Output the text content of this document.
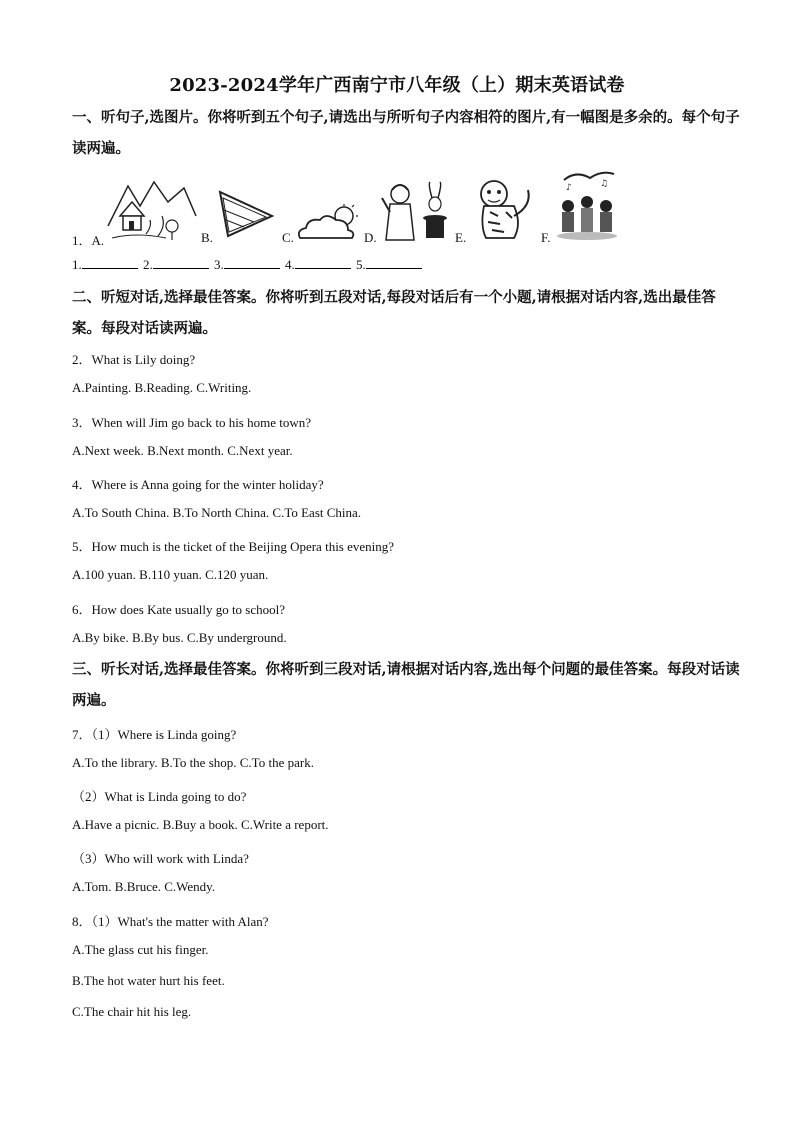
2023-2024学年广西南宁市八年级（上）期末英语试卷
一、听句子,选图片。你将听到五个句子,请选出与所听句子内容相符的图片,有一幅图是多余的。每个句子读两遍。
1．A.	B.	C.	D.	E.	F.
♪	♫
1.	2.	3.	4.	5.
二、听短对话,选择最佳答案。你将听到五段对话,每段对话后有一个小题,请根据对话内容,选出最佳答案。每段对话读两遍。
2．What is Lily doing?
A.Painting. B.Reading. C.Writing.
3．When will Jim go back to his home town?
A.Next week. B.Next month. C.Next year.
4．Where is Anna going for the winter holiday?
A.To South China. B.To North China. C.To East China.
5．How much is the ticket of the Beijing Opera this evening?
A.100 yuan. B.110 yuan. C.120 yuan.
6．How does Kate usually go to school?
A.By bike. B.By bus. C.By underground.
三、听长对话,选择最佳答案。你将听到三段对话,请根据对话内容,选出每个问题的最佳答案。每段对话读两遍。
7．（1）Where is Linda going?
A.To the library. B.To the shop. C.To the park.
（2）What is Linda going to do?
A.Have a picnic. B.Buy a book. C.Write a report.
（3）Who will work with Linda?
A.Tom. B.Bruce. C.Wendy.
8．（1）What's the matter with Alan?
A.The glass cut his finger.
B.The hot water hurt his feet.
C.The chair hit his leg.
